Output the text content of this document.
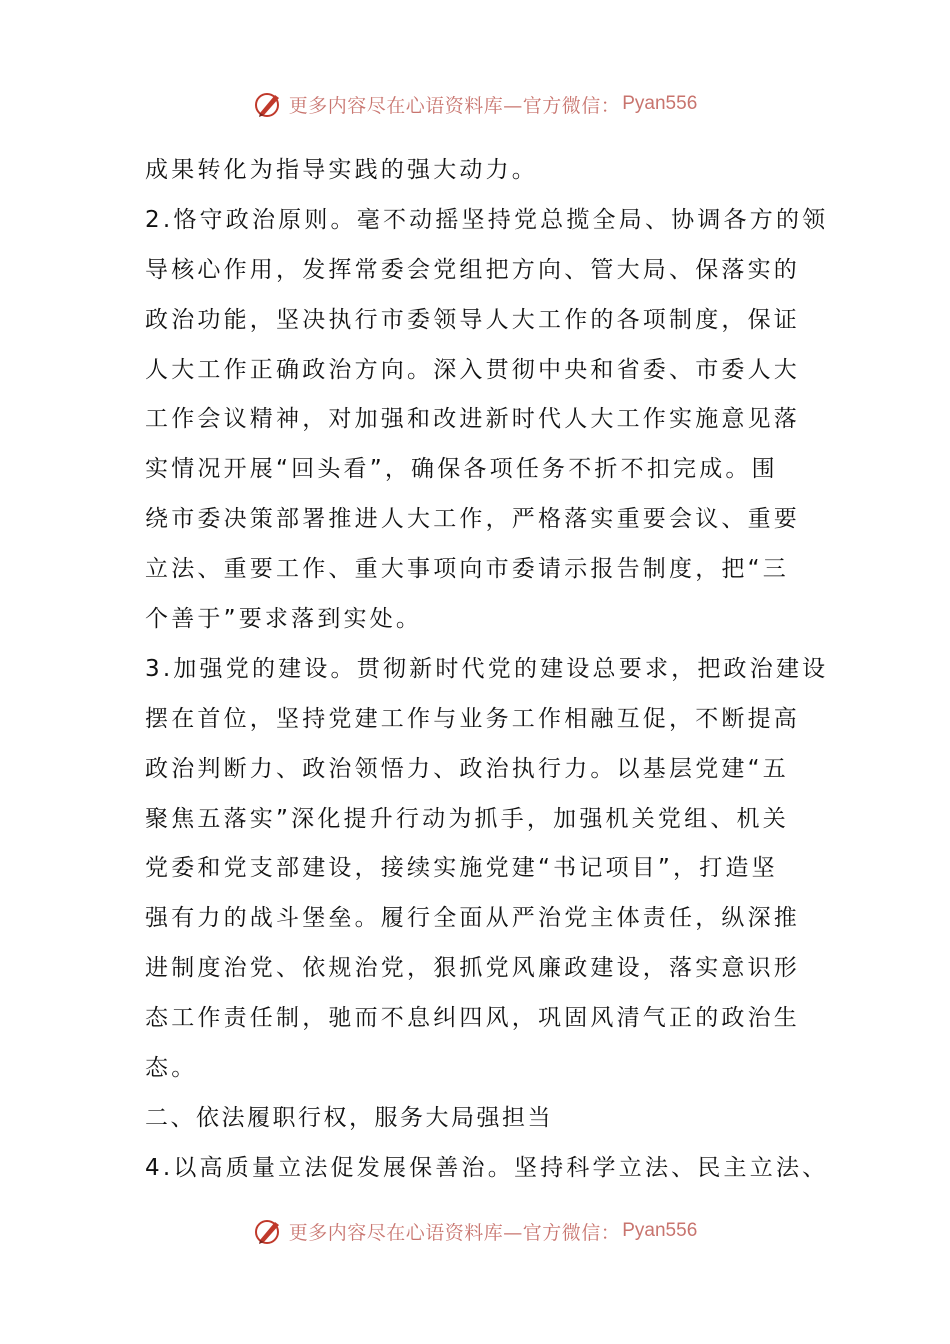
更多内容尽在心语资料库—官方微信： Pyan556
成果转化为指导实践的强大动力。
2.恪守政治原则。毫不动摇坚持党总揽全局、协调各方的领
导核心作用，发挥常委会党组把方向、管大局、保落实的
政治功能，坚决执行市委领导人大工作的各项制度，保证
人大工作正确政治方向。深入贯彻中央和省委、市委人大
工作会议精神，对加强和改进新时代人大工作实施意见落
实情况开展“回头看”，确保各项任务不折不扣完成。围
绕市委决策部署推进人大工作，严格落实重要会议、重要
立法、重要工作、重大事项向市委请示报告制度，把“三
个善于”要求落到实处。
3.加强党的建设。贯彻新时代党的建设总要求，把政治建设
摆在首位，坚持党建工作与业务工作相融互促，不断提高
政治判断力、政治领悟力、政治执行力。以基层党建“五
聚焦五落实”深化提升行动为抓手，加强机关党组、机关
党委和党支部建设，接续实施党建“书记项目”，打造坚
强有力的战斗堡垒。履行全面从严治党主体责任，纵深推
进制度治党、依规治党，狠抓党风廉政建设，落实意识形
态工作责任制，驰而不息纠四风，巩固风清气正的政治生
态。
二、依法履职行权，服务大局强担当
4.以高质量立法促发展保善治。坚持科学立法、民主立法、
更多内容尽在心语资料库—官方微信： Pyan556
